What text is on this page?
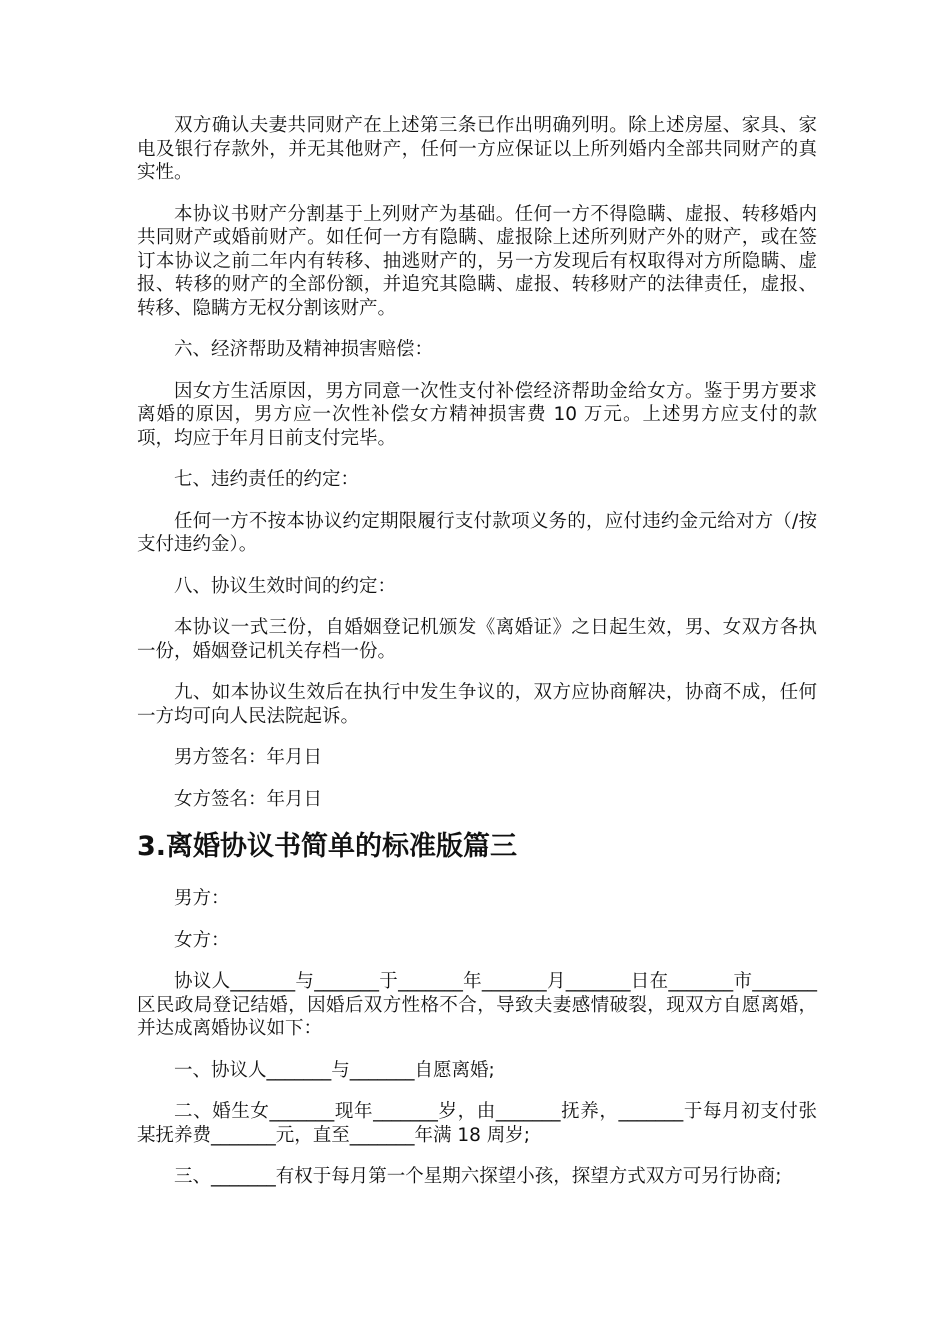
双方确认夫妻共同财产在上述第三条已作出明确列明。除上述房屋、家具、家电及银行存款外，并无其他财产，任何一方应保证以上所列婚内全部共同财产的真实性。

本协议书财产分割基于上列财产为基础。任何一方不得隐瞒、虚报、转移婚内共同财产或婚前财产。如任何一方有隐瞒、虚报除上述所列财产外的财产，或在签订本协议之前二年内有转移、抽逃财产的，另一方发现后有权取得对方所隐瞒、虚报、转移的财产的全部份额，并追究其隐瞒、虚报、转移财产的法律责任，虚报、转移、隐瞒方无权分割该财产。

六、经济帮助及精神损害赔偿：

因女方生活原因，男方同意一次性支付补偿经济帮助金给女方。鉴于男方要求离婚的原因，男方应一次性补偿女方精神损害费 10 万元。上述男方应支付的款项，均应于年月日前支付完毕。

七、违约责任的约定：

任何一方不按本协议约定期限履行支付款项义务的，应付违约金元给对方（/按支付违约金）。

八、协议生效时间的约定：

本协议一式三份，自婚姻登记机颁发《离婚证》之日起生效，男、女双方各执一份，婚姻登记机关存档一份。

九、如本协议生效后在执行中发生争议的，双方应协商解决，协商不成，任何一方均可向人民法院起诉。

男方签名：年月日

女方签名：年月日

3.离婚协议书简单的标准版篇三

男方：

女方：

协议人_______与_______于_______年_______月_______日在_______市_______区民政局登记结婚，因婚后双方性格不合，导致夫妻感情破裂，现双方自愿离婚，并达成离婚协议如下：

一、协议人_______与_______自愿离婚;

二、婚生女_______现年_______岁，由_______抚养，_______于每月初支付张某抚养费_______元，直至_______年满 18 周岁;

三、_______有权于每月第一个星期六探望小孩，探望方式双方可另行协商;
